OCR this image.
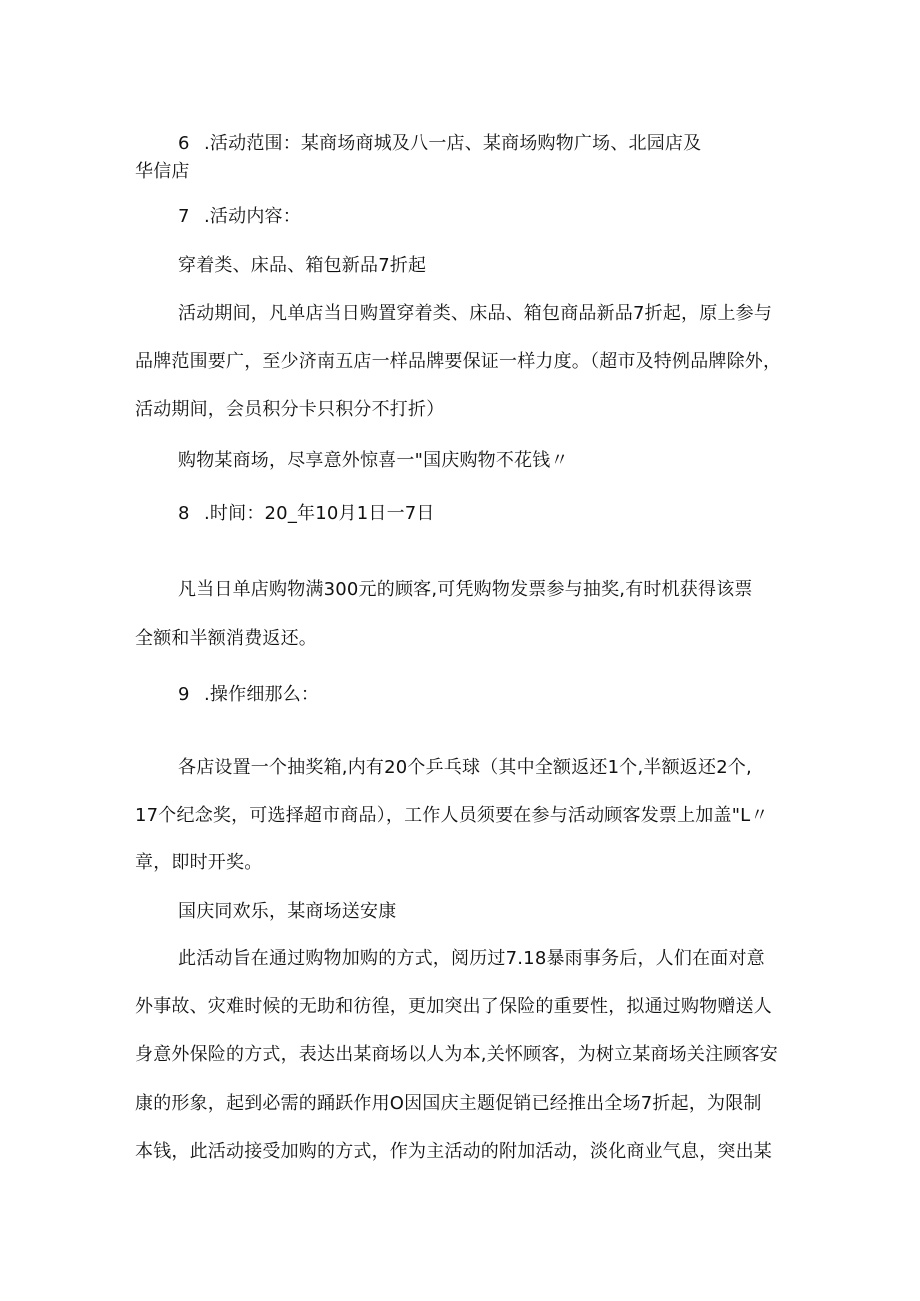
6 .活动范围：某商场商城及八一店、某商场购物广场、北园店及
华信店
7 .活动内容：
穿着类、床品、箱包新品7折起
活动期间，凡单店当日购置穿着类、床品、箱包商品新品7折起，原上参与
品牌范围要广，至少济南五店一样品牌要保证一样力度。（超市及特例品牌除外，
活动期间，会员积分卡只积分不打折）
购物某商场，尽享意外惊喜一"国庆购物不花钱〃
8 .时间：20_年10月1日一7日
凡当日单店购物满300元的顾客,可凭购物发票参与抽奖,有时机获得该票
全额和半额消费返还。
9 .操作细那么：
各店设置一个抽奖箱,内有20个乒乓球（其中全额返还1个,半额返还2个,
17个纪念奖，可选择超市商品），工作人员须要在参与活动顾客发票上加盖"L〃
章，即时开奖。
国庆同欢乐，某商场送安康
此活动旨在通过购物加购的方式，阅历过7.18暴雨事务后，人们在面对意
外事故、灾难时候的无助和彷徨，更加突出了保险的重要性，拟通过购物赠送人
身意外保险的方式，表达出某商场以人为本,关怀顾客，为树立某商场关注顾客安
康的形象，起到必需的踊跃作用O因国庆主题促销已经推出全场7折起，为限制
本钱，此活动接受加购的方式，作为主活动的附加活动，淡化商业气息，突出某
